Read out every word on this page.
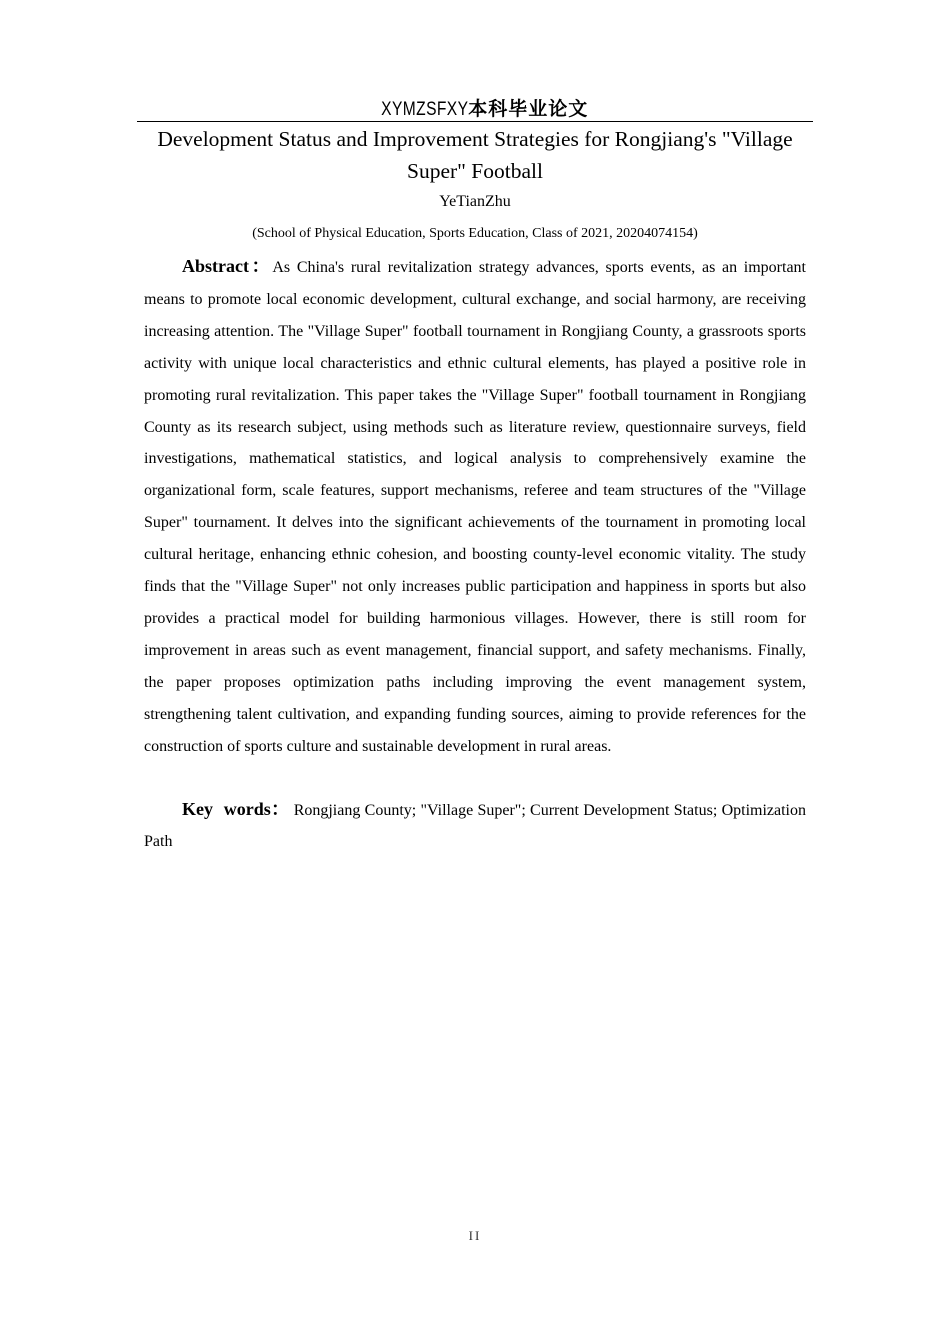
XYMZSFXY本科毕业论文
Development Status and Improvement Strategies for Rongjiang's "Village Super" Football
YeTianZhu
(School of Physical Education, Sports Education, Class of 2021, 20204074154)

Abstract：As China's rural revitalization strategy advances, sports events, as an important means to promote local economic development, cultural exchange, and social harmony, are receiving increasing attention. The "Village Super" football tournament in Rongjiang County, a grassroots sports activity with unique local characteristics and ethnic cultural elements, has played a positive role in promoting rural revitalization. This paper takes the "Village Super" football tournament in Rongjiang County as its research subject, using methods such as literature review, questionnaire surveys, field investigations, mathematical statistics, and logical analysis to comprehensively examine the organizational form, scale features, support mechanisms, referee and team structures of the "Village Super" tournament. It delves into the significant achievements of the tournament in promoting local cultural heritage, enhancing ethnic cohesion, and boosting county-level economic vitality. The study finds that the "Village Super" not only increases public participation and happiness in sports but also provides a practical model for building harmonious villages. However, there is still room for improvement in areas such as event management, financial support, and safety mechanisms. Finally, the paper proposes optimization paths including improving the event management system, strengthening talent cultivation, and expanding funding sources, aiming to provide references for the construction of sports culture and sustainable development in rural areas.

Key words： Rongjiang County; "Village Super"; Current Development Status; Optimization Path

II
